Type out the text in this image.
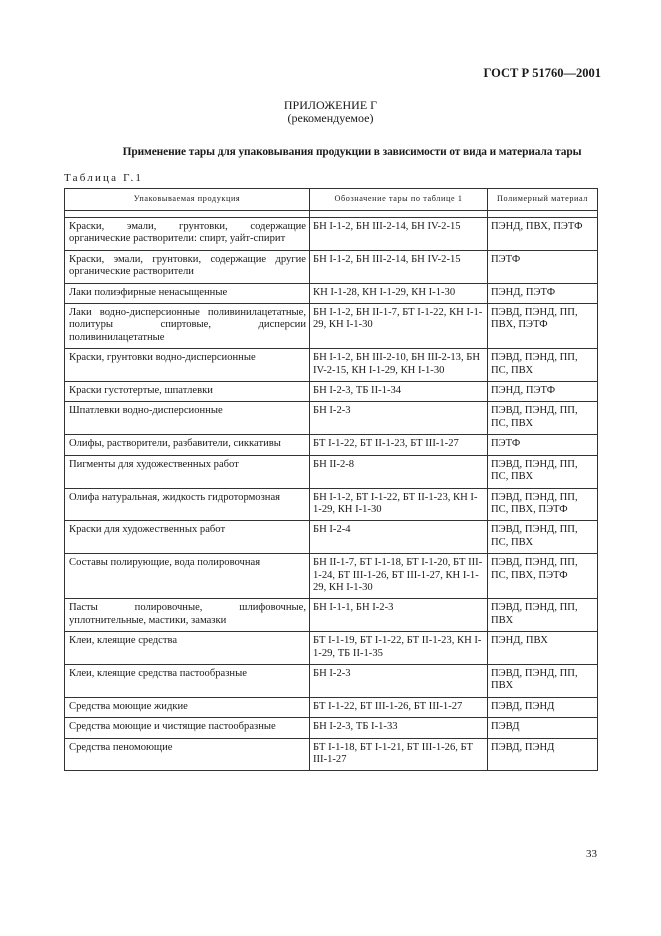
ГОСТ Р 51760—2001
ПРИЛОЖЕНИЕ Г
(рекомендуемое)
Применение тары для упаковывания продукции в зависимости от вида и материала тары
Таблица Г.1
Упаковываемая продукция	Обозначение тары по таблице 1	Полимерный материал

Краски, эмали, грунтовки, содержащие органические растворители: спирт, уайт-спирит	БН I-1-2, БН III-2-14, БН IV-2-15	ПЭНД, ПВХ, ПЭТФ
Краски, эмали, грунтовки, содержащие другие органические растворители	БН I-1-2, БН III-2-14, БН IV-2-15	ПЭТФ
Лаки полиэфирные ненасыщенные	КН I-1-28, КН I-1-29, КН I-1-30	ПЭНД, ПЭТФ
Лаки водно-дисперсионные поливинилацетатные, политуры спиртовые, дисперсии поливинилацетатные	БН I-1-2, БН II-1-7, БТ I-1-22, КН I-1-29, КН I-1-30	ПЭВД, ПЭНД, ПП, ПВХ, ПЭТФ
Краски, грунтовки водно-дисперсионные	БН I-1-2, БН III-2-10, БН III-2-13, БН IV-2-15, КН I-1-29, КН I-1-30	ПЭВД, ПЭНД, ПП, ПС, ПВХ
Краски густотертые, шпатлевки	БН I-2-3, ТБ II-1-34	ПЭНД, ПЭТФ
Шпатлевки водно-дисперсионные	БН I-2-3	ПЭВД, ПЭНД, ПП, ПС, ПВХ
Олифы, растворители, разбавители, сиккативы	БТ I-1-22, БТ II-1-23, БТ III-1-27	ПЭТФ
Пигменты для художественных работ	БН II-2-8	ПЭВД, ПЭНД, ПП, ПС, ПВХ
Олифа натуральная, жидкость гидротормозная	БН I-1-2, БТ I-1-22, БТ II-1-23, КН I-1-29, КН I-1-30	ПЭВД, ПЭНД, ПП, ПС, ПВХ, ПЭТФ
Краски для художественных работ	БН I-2-4	ПЭВД, ПЭНД, ПП, ПС, ПВХ
Составы полирующие, вода полировочная	БН II-1-7, БТ I-1-18, БТ I-1-20, БТ III-1-24, БТ III-1-26, БТ III-1-27, КН I-1-29, КН I-1-30	ПЭВД, ПЭНД, ПП, ПС, ПВХ, ПЭТФ
Пасты полировочные, шлифовочные, уплотнительные, мастики, замазки	БН I-1-1, БН I-2-3	ПЭВД, ПЭНД, ПП, ПВХ
Клеи, клеящие средства	БТ I-1-19, БТ I-1-22, БТ II-1-23, КН I-1-29, ТБ II-1-35	ПЭНД, ПВХ
Клеи, клеящие средства пастообразные	БН I-2-3	ПЭВД, ПЭНД, ПП, ПВХ
Средства моющие жидкие	БТ I-1-22, БТ III-1-26, БТ III-1-27	ПЭВД, ПЭНД
Средства моющие и чистящие пастообразные	БН I-2-3, ТБ I-1-33	ПЭВД
Средства пеномоющие	БТ I-1-18, БТ I-1-21, БТ III-1-26, БТ III-1-27	ПЭВД, ПЭНД
33
